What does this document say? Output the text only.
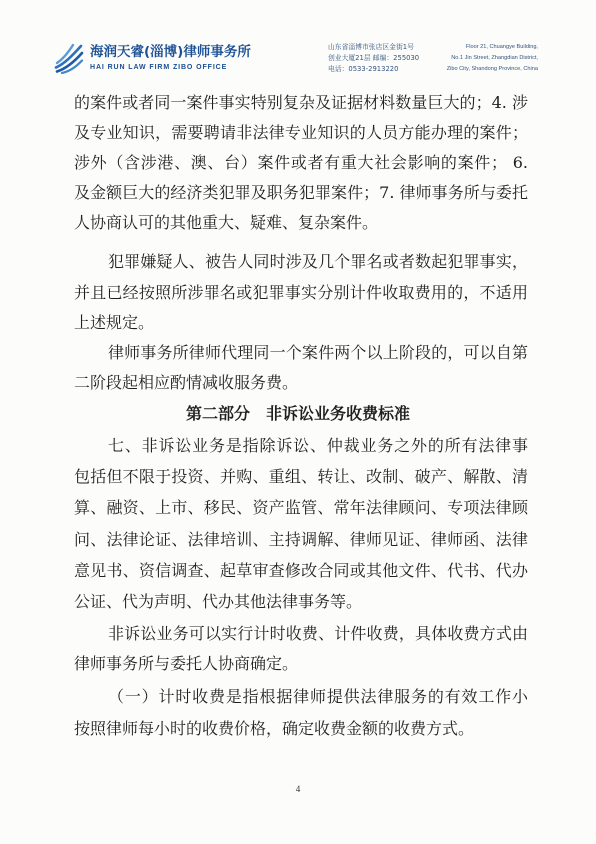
海润天睿(淄博)律师事务所
HAI RUN LAW FIRM ZIBO OFFICE
山东省淄博市张店区金街1号
创业大厦21层 邮编：255030
电话：0533-2913220
Floor 21, Chuangye Building,
No.1 Jin Street, Zhangdian District,
Zibo City, Shandong Province, China
的案件或者同一案件事实特别复杂及证据材料数量巨大的；4. 涉
及专业知识，需要聘请非法律专业知识的人员方能办理的案件；
涉外（含涉港、澳、台）案件或者有重大社会影响的案件； 6.
及金额巨大的经济类犯罪及职务犯罪案件；7. 律师事务所与委托
人协商认可的其他重大、疑难、复杂案件。
犯罪嫌疑人、被告人同时涉及几个罪名或者数起犯罪事实，
并且已经按照所涉罪名或犯罪事实分别计件收取费用的，不适用
上述规定。
律师事务所律师代理同一个案件两个以上阶段的，可以自第
二阶段起相应酌情减收服务费。
第二部分　非诉讼业务收费标准
七、非诉讼业务是指除诉讼、仲裁业务之外的所有法律事
包括但不限于投资、并购、重组、转让、改制、破产、解散、清
算、融资、上市、移民、资产监管、常年法律顾问、专项法律顾
问、法律论证、法律培训、主持调解、律师见证、律师函、法律
意见书、资信调查、起草审查修改合同或其他文件、代书、代办
公证、代为声明、代办其他法律事务等。
非诉讼业务可以实行计时收费、计件收费，具体收费方式由
律师事务所与委托人协商确定。
（一）计时收费是指根据律师提供法律服务的有效工作小
按照律师每小时的收费价格，确定收费金额的收费方式。
4
